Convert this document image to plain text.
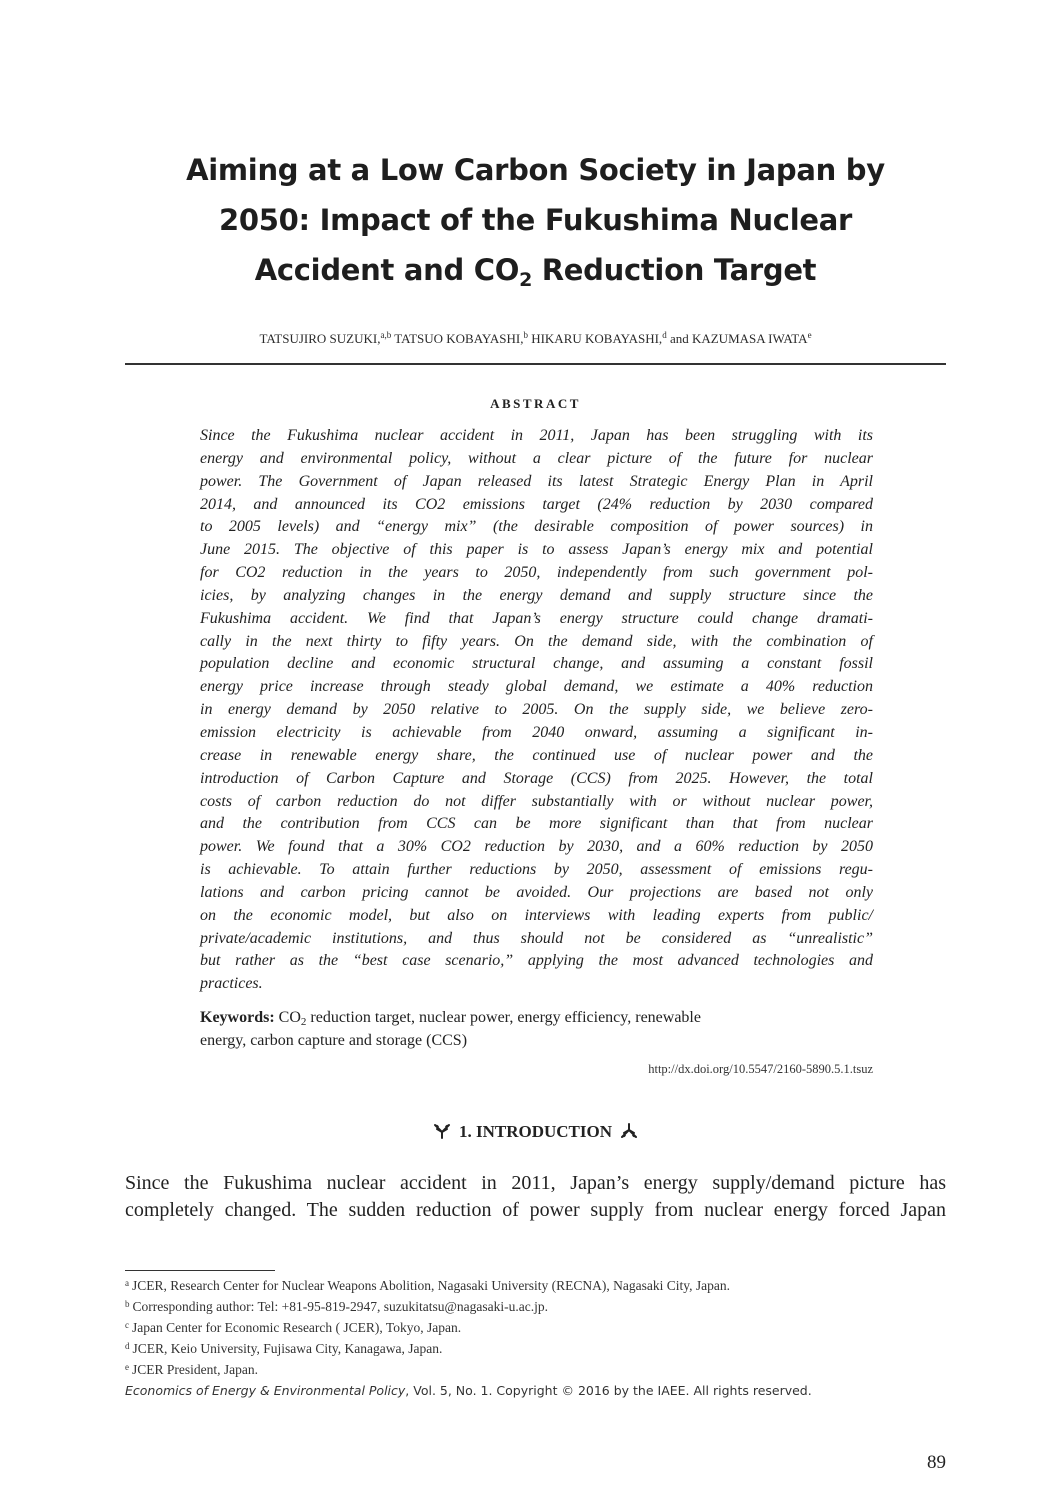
Aiming at a Low Carbon Society in Japan by
2050: Impact of the Fukushima Nuclear
Accident and $CO_2$ Reduction Target
TATSUJIRO SUZUKI,$^{a,b}$ TATSUO KOBAYASHI,$^b$ HIKARU KOBAYASHI,$^d$ and KAZUMASA IWATA$^e$
ABSTRACT
Since the Fukushima nuclear accident in 2011, Japan has been struggling with its
energy and environmental policy, without a clear picture of the future for nuclear
power. The Government of Japan released its latest Strategic Energy Plan in April
2014, and announced its CO2 emissions target (24% reduction by 2030 compared
to 2005 levels) and “energy mix” (the desirable composition of power sources) in
June 2015. The objective of this paper is to assess Japan’s energy mix and potential
for CO2 reduction in the years to 2050, independently from such government pol-
icies, by analyzing changes in the energy demand and supply structure since the
Fukushima accident. We find that Japan’s energy structure could change dramati-
cally in the next thirty to fifty years. On the demand side, with the combination of
population decline and economic structural change, and assuming a constant fossil
energy price increase through steady global demand, we estimate a 40% reduction
in energy demand by 2050 relative to 2005. On the supply side, we believe zero-
emission electricity is achievable from 2040 onward, assuming a significant in-
crease in renewable energy share, the continued use of nuclear power and the
introduction of Carbon Capture and Storage (CCS) from 2025. However, the total
costs of carbon reduction do not differ substantially with or without nuclear power,
and the contribution from CCS can be more significant than that from nuclear
power. We found that a 30% CO2 reduction by 2030, and a 60% reduction by 2050
is achievable. To attain further reductions by 2050, assessment of emissions regu-
lations and carbon pricing cannot be avoided. Our projections are based not only
on the economic model, but also on interviews with leading experts from public/
private/academic institutions, and thus should not be considered as “unrealistic”
but rather as the “best case scenario,” applying the most advanced technologies and
practices.
Keywords: $CO_2$ reduction target, nuclear power, energy efficiency, renewable
energy, carbon capture and storage (CCS)
http://dx.doi.org/10.5547/2160-5890.5.1.tsuz
1. INTRODUCTION
Since the Fukushima nuclear accident in 2011, Japan’s energy supply/demand picture has
completely changed. The sudden reduction of power supply from nuclear energy forced Japan
$^a$ JCER, Research Center for Nuclear Weapons Abolition, Nagasaki University (RECNA), Nagasaki City, Japan.
$^b$ Corresponding author: Tel: +81-95-819-2947, suzukitatsu@nagasaki-u.ac.jp.
$^c$ Japan Center for Economic Research ( JCER), Tokyo, Japan.
$^d$ JCER, Keio University, Fujisawa City, Kanagawa, Japan.
$^e$ JCER President, Japan.
Economics of Energy & Environmental Policy, Vol. 5, No. 1. Copyright © 2016 by the IAEE. All rights reserved.
89
